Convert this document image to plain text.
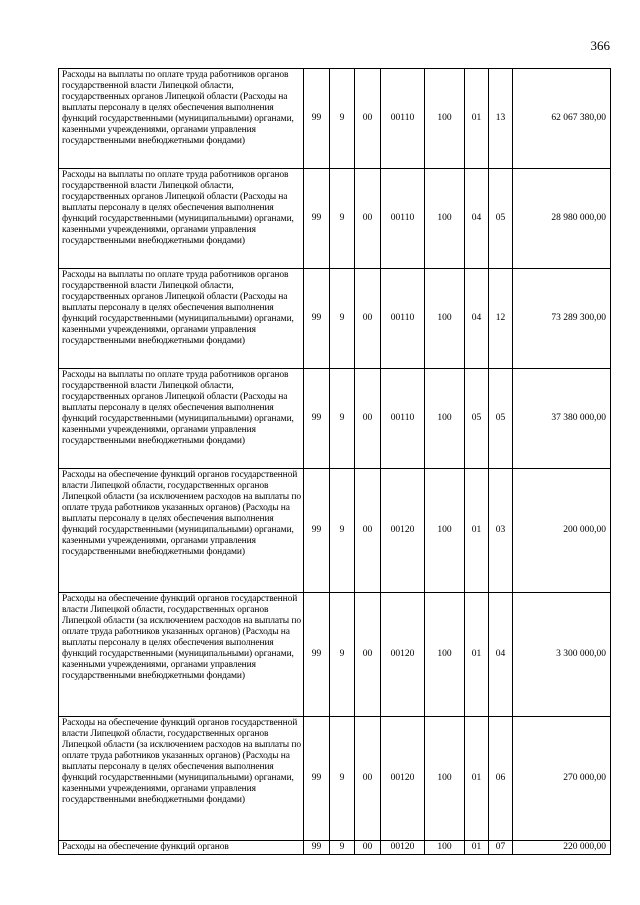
366
Расходы на выплаты по оплате труда работников органов государственной власти Липецкой области, государственных органов Липецкой области (Расходы на выплаты персоналу в целях обеспечения выполнения функций государственными (муниципальными) органами, казенными учреждениями, органами управления государственными внебюджетными фондами)	99	9	00	00110	100	01	13	62 067 380,00
Расходы на выплаты по оплате труда работников органов государственной власти Липецкой области, государственных органов Липецкой области (Расходы на выплаты персоналу в целях обеспечения выполнения функций государственными (муниципальными) органами, казенными учреждениями, органами управления государственными внебюджетными фондами)	99	9	00	00110	100	04	05	28 980 000,00
Расходы на выплаты по оплате труда работников органов государственной власти Липецкой области, государственных органов Липецкой области (Расходы на выплаты персоналу в целях обеспечения выполнения функций государственными (муниципальными) органами, казенными учреждениями, органами управления государственными внебюджетными фондами)	99	9	00	00110	100	04	12	73 289 300,00
Расходы на выплаты по оплате труда работников органов государственной власти Липецкой области, государственных органов Липецкой области (Расходы на выплаты персоналу в целях обеспечения выполнения функций государственными (муниципальными) органами, казенными учреждениями, органами управления государственными внебюджетными фондами)	99	9	00	00110	100	05	05	37 380 000,00
Расходы на обеспечение функций органов государственной власти Липецкой области, государственных органов Липецкой области (за исключением расходов на выплаты по оплате труда работников указанных органов) (Расходы на выплаты персоналу в целях обеспечения выполнения функций государственными (муниципальными) органами, казенными учреждениями, органами управления государственными внебюджетными фондами)	99	9	00	00120	100	01	03	200 000,00
Расходы на обеспечение функций органов государственной власти Липецкой области, государственных органов Липецкой области (за исключением расходов на выплаты по оплате труда работников указанных органов) (Расходы на выплаты персоналу в целях обеспечения выполнения функций государственными (муниципальными) органами, казенными учреждениями, органами управления государственными внебюджетными фондами)	99	9	00	00120	100	01	04	3 300 000,00
Расходы на обеспечение функций органов государственной власти Липецкой области, государственных органов Липецкой области (за исключением расходов на выплаты по оплате труда работников указанных органов) (Расходы на выплаты персоналу в целях обеспечения выполнения функций государственными (муниципальными) органами, казенными учреждениями, органами управления государственными внебюджетными фондами)	99	9	00	00120	100	01	06	270 000,00
Расходы на обеспечение функций органов	99	9	00	00120	100	01	07	220 000,00
